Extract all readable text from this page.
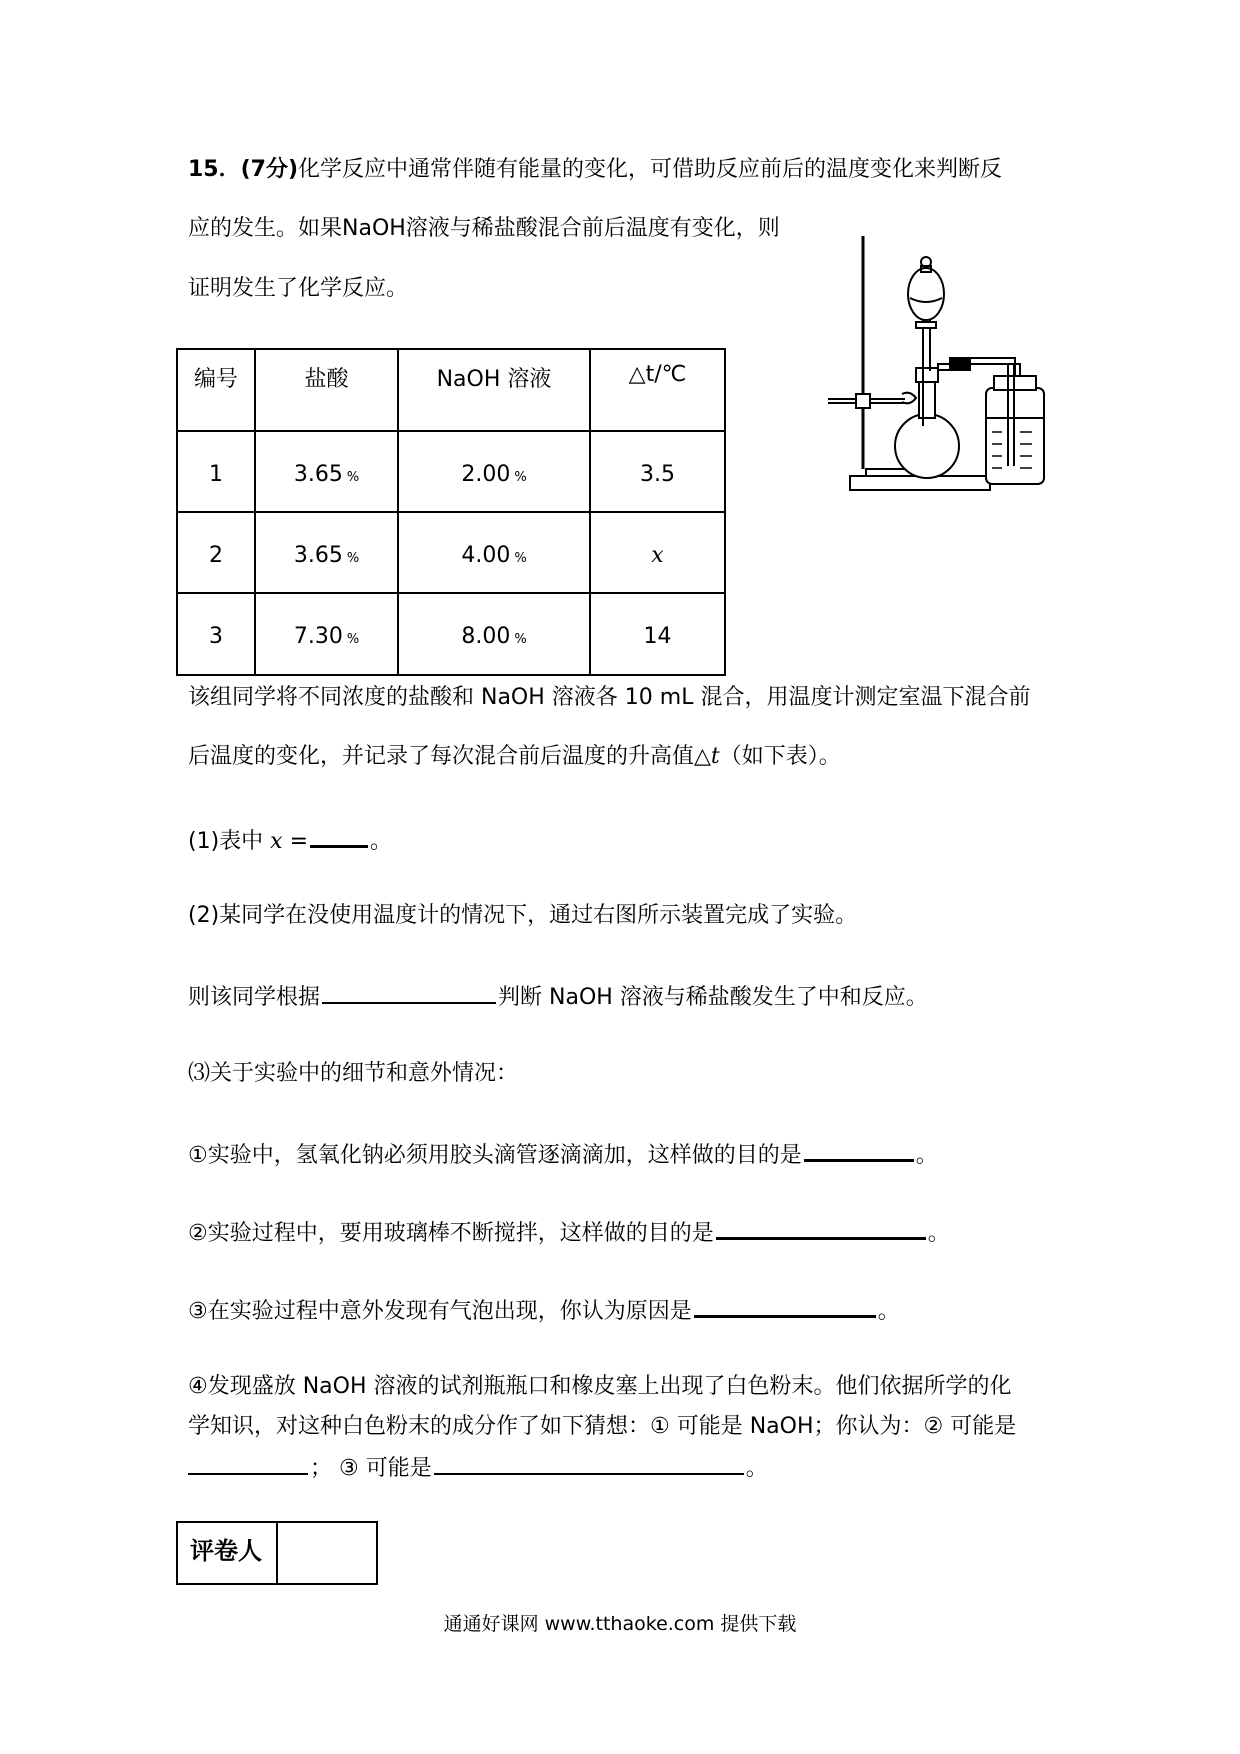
15．(7分)化学反应中通常伴随有能量的变化，可借助反应前后的温度变化来判断反
应的发生。如果NaOH溶液与稀盐酸混合前后温度有变化，则
证明发生了化学反应。
编号	盐酸	NaOH 溶液	△t/℃
1	3.65 %	2.00 %	3.5
2	3.65 %	4.00 %	x
3	7.30 %	8.00 %	14
该组同学将不同浓度的盐酸和 NaOH 溶液各 10 mL 混合，用温度计测定室温下混合前
后温度的变化，并记录了每次混合前后温度的升高值△t（如下表）。
(1)表中 x =	。
(2)某同学在没使用温度计的情况下，通过右图所示装置完成了实验。
则该同学根据	判断 NaOH 溶液与稀盐酸发生了中和反应。
⑶关于实验中的细节和意外情况：
①实验中，氢氧化钠必须用胶头滴管逐滴滴加，这样做的目的是	。
②实验过程中，要用玻璃棒不断搅拌，这样做的目的是	。
③在实验过程中意外发现有气泡出现，你认为原因是	。
④发现盛放 NaOH 溶液的试剂瓶瓶口和橡皮塞上出现了白色粉末。他们依据所学的化
学知识，对这种白色粉末的成分作了如下猜想：① 可能是 NaOH；你认为：② 可能是
； ③ 可能是	。
评卷人	
通通好课网 www.tthaoke.com 提供下载
